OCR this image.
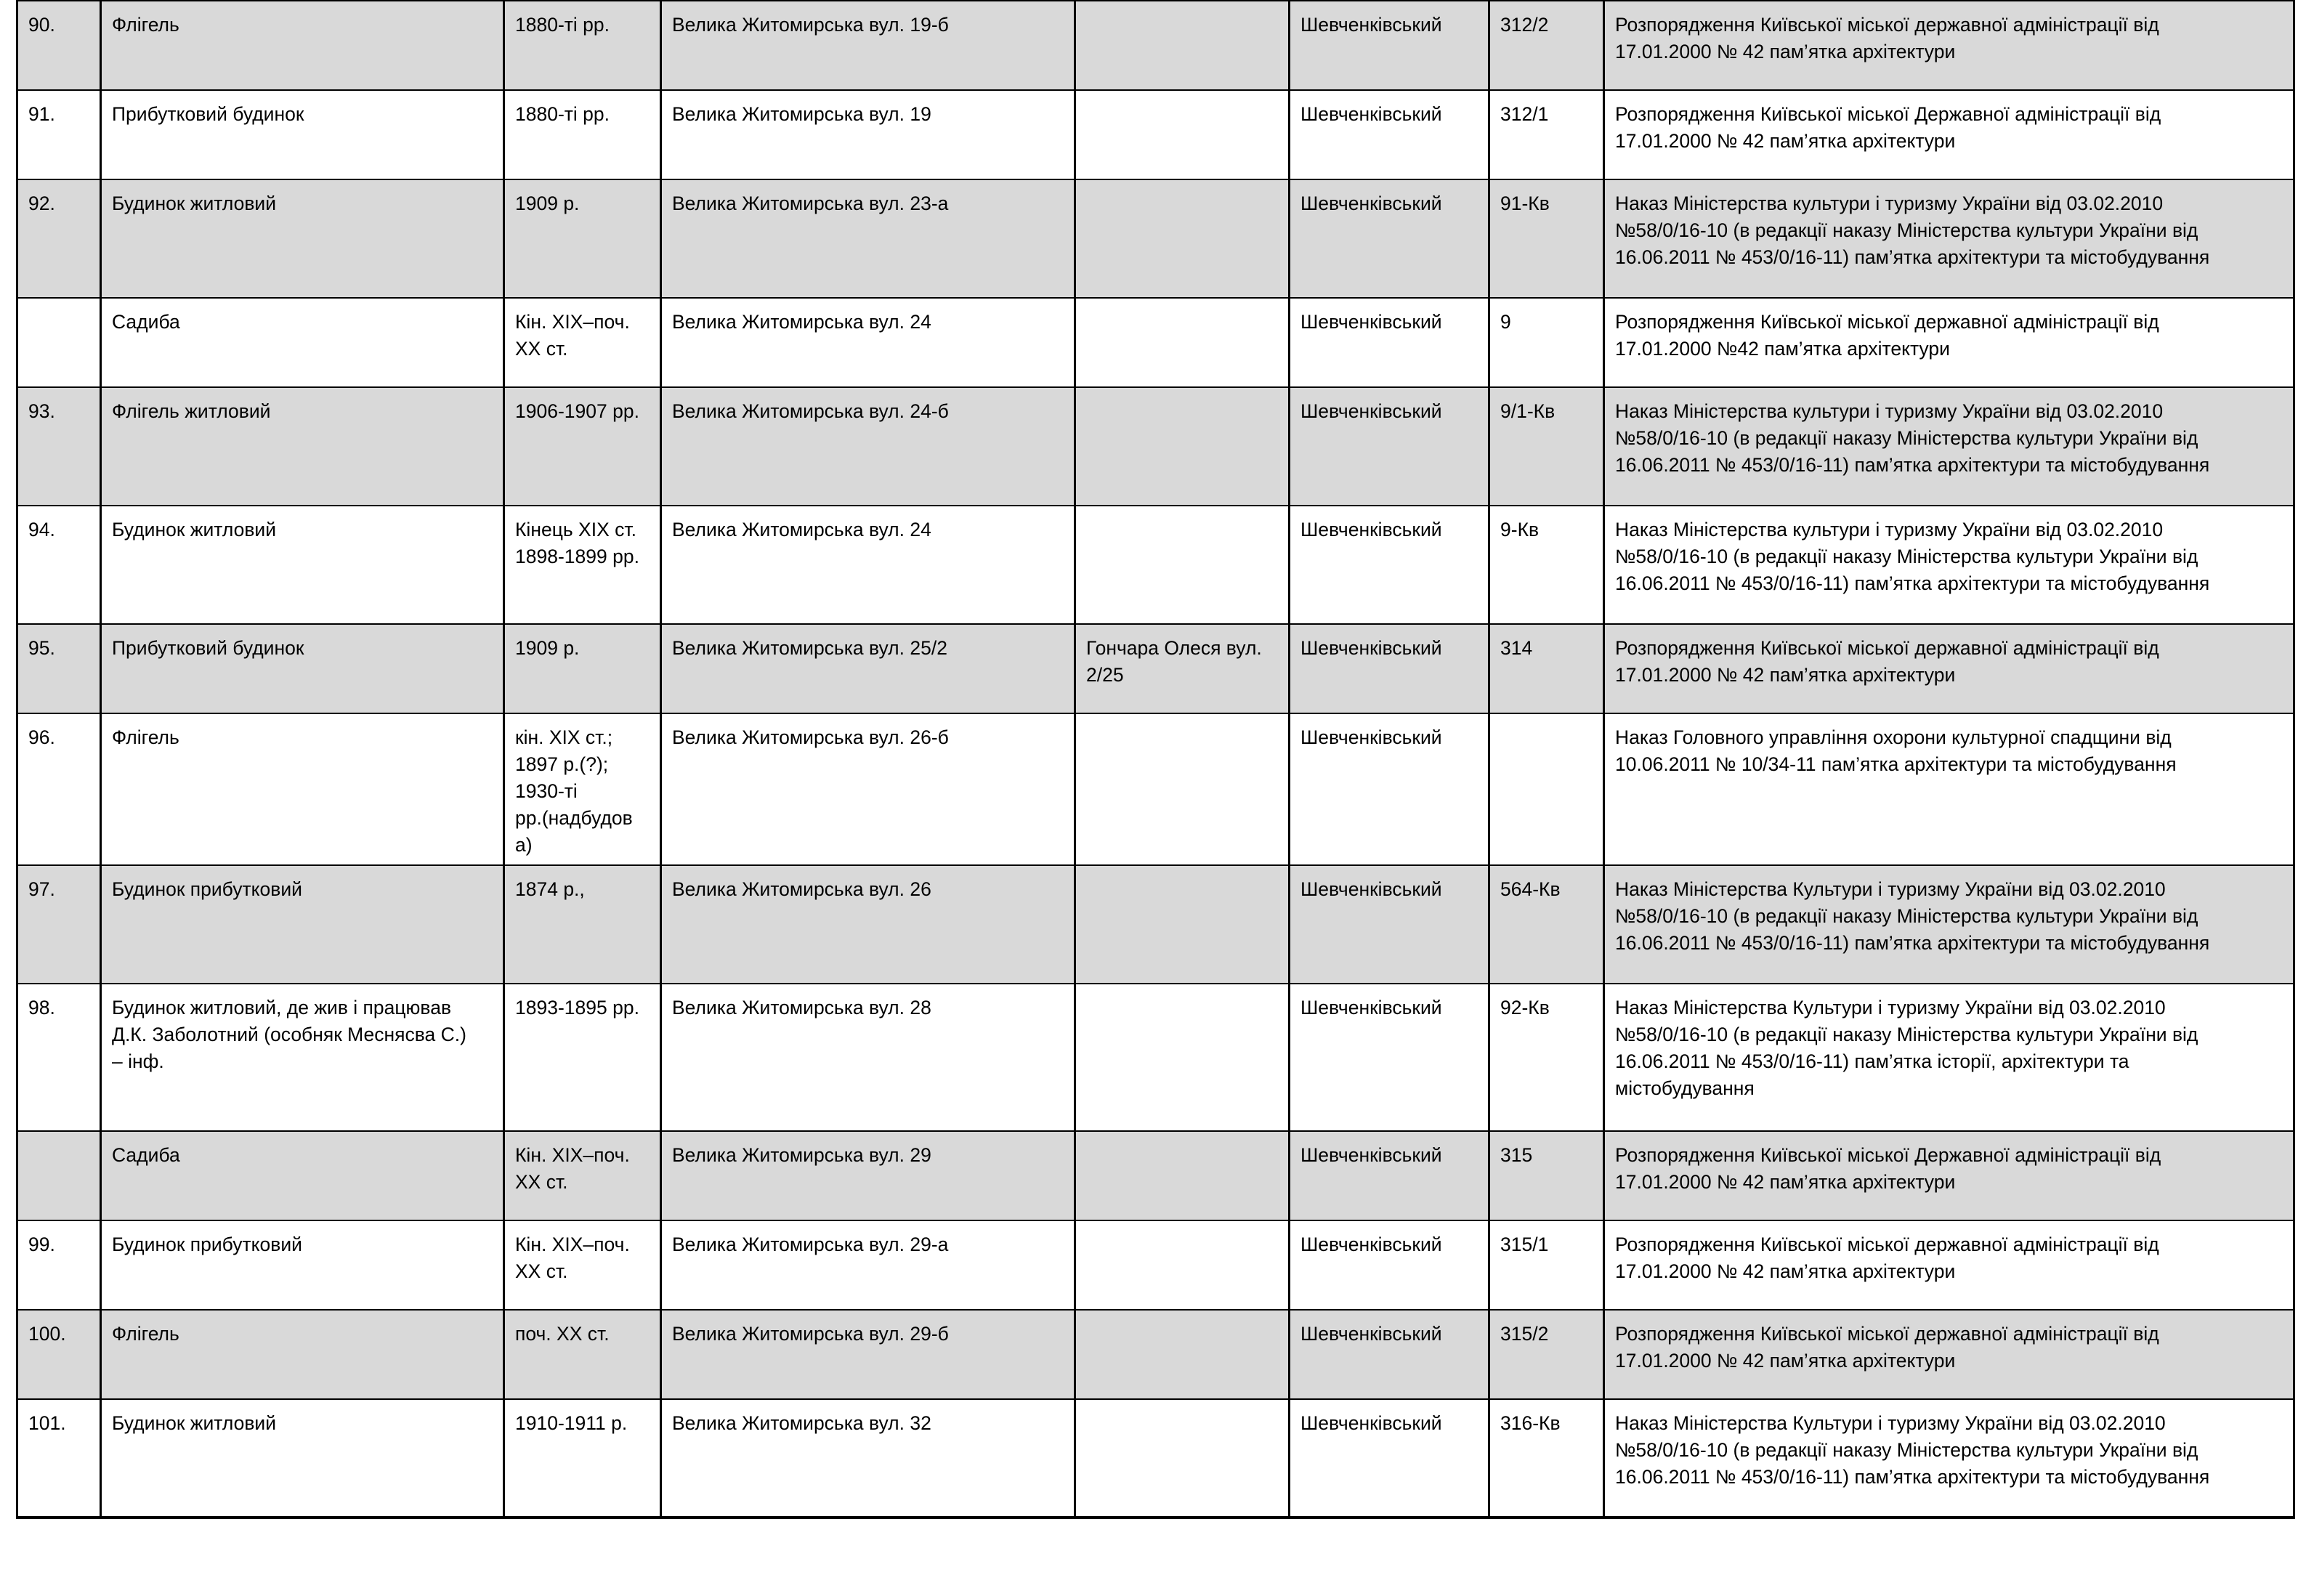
90.	Флігель	1880-ті рр.	Велика Житомирська вул. 19-б		Шевченківський	312/2	Розпорядження Київської міської державної адміністрації від
17.01.2000 № 42 пам’ятка архітектури
91.	Прибутковий будинок	1880-ті рр.	Велика Житомирська вул. 19		Шевченківський	312/1	Розпорядження Київської міської Державної адміністрації від
17.01.2000 № 42 пам’ятка архітектури
92.	Будинок житловий	1909 р.	Велика Житомирська вул. 23-а		Шевченківський	91-Кв	Наказ Міністерства культури і туризму України від 03.02.2010
№58/0/16-10 (в редакції наказу Міністерства культури України від
16.06.2011 № 453/0/16-11) пам’ятка архітектури та містобудування
	Садиба	Кін. ХІХ–поч.
ХХ ст.	Велика Житомирська вул. 24		Шевченківський	9	Розпорядження Київської міської державної адміністрації від
17.01.2000 №42 пам’ятка архітектури
93.	Флігель житловий	1906-1907 рр.	Велика Житомирська вул. 24-б		Шевченківський	9/1-Кв	Наказ Міністерства культури і туризму України від 03.02.2010
№58/0/16-10 (в редакції наказу Міністерства культури України від
16.06.2011 № 453/0/16-11) пам’ятка архітектури та містобудування
94.	Будинок житловий	Кінець ХІХ ст.
1898-1899 рр.	Велика Житомирська вул. 24		Шевченківський	9-Кв	Наказ Міністерства культури і туризму України від 03.02.2010
№58/0/16-10 (в редакції наказу Міністерства культури України від
16.06.2011 № 453/0/16-11) пам’ятка архітектури та містобудування
95.	Прибутковий будинок	1909 р.	Велика Житомирська вул. 25/2	Гончара Олеся вул.
2/25	Шевченківський	314	Розпорядження Київської міської державної адміністрації від
17.01.2000 № 42 пам’ятка архітектури
96.	Флігель	кін. ХІХ ст.;
1897 р.(?);
1930-ті
рр.(надбудов
а)	Велика Житомирська вул. 26-б		Шевченківський		Наказ Головного управління охорони культурної спадщини від
10.06.2011 № 10/34-11 пам’ятка архітектури та містобудування
97.	Будинок прибутковий	1874 р.,	Велика Житомирська вул. 26		Шевченківський	564-Кв	Наказ Міністерства Культури і туризму України від 03.02.2010
№58/0/16-10 (в редакції наказу Міністерства культури України від
16.06.2011 № 453/0/16-11) пам’ятка архітектури та містобудування
98.	Будинок житловий, де жив і працював
Д.К. Заболотний (особняк Меснясва С.)
– інф.	1893-1895 рр.	Велика Житомирська вул. 28		Шевченківський	92-Кв	Наказ Міністерства Культури і туризму України від 03.02.2010
№58/0/16-10 (в редакції наказу Міністерства культури України від
16.06.2011 № 453/0/16-11) пам’ятка історії, архітектури та
містобудування
	Садиба	Кін. ХІХ–поч.
ХХ ст.	Велика Житомирська вул. 29		Шевченківський	315	Розпорядження Київської міської Державної адміністрації від
17.01.2000 № 42 пам’ятка архітектури
99.	Будинок прибутковий	Кін. ХІХ–поч.
ХХ ст.	Велика Житомирська вул. 29-а		Шевченківський	315/1	Розпорядження Київської міської державної адміністрації від
17.01.2000 № 42 пам’ятка архітектури
100.	Флігель	поч. ХХ ст.	Велика Житомирська вул. 29-б		Шевченківський	315/2	Розпорядження Київської міської державної адміністрації від
17.01.2000 № 42 пам’ятка архітектури
101.	Будинок житловий	1910-1911 р.	Велика Житомирська вул. 32		Шевченківський	316-Кв	Наказ Міністерства Культури і туризму України від 03.02.2010
№58/0/16-10 (в редакції наказу Міністерства культури України від
16.06.2011 № 453/0/16-11) пам’ятка архітектури та містобудування
